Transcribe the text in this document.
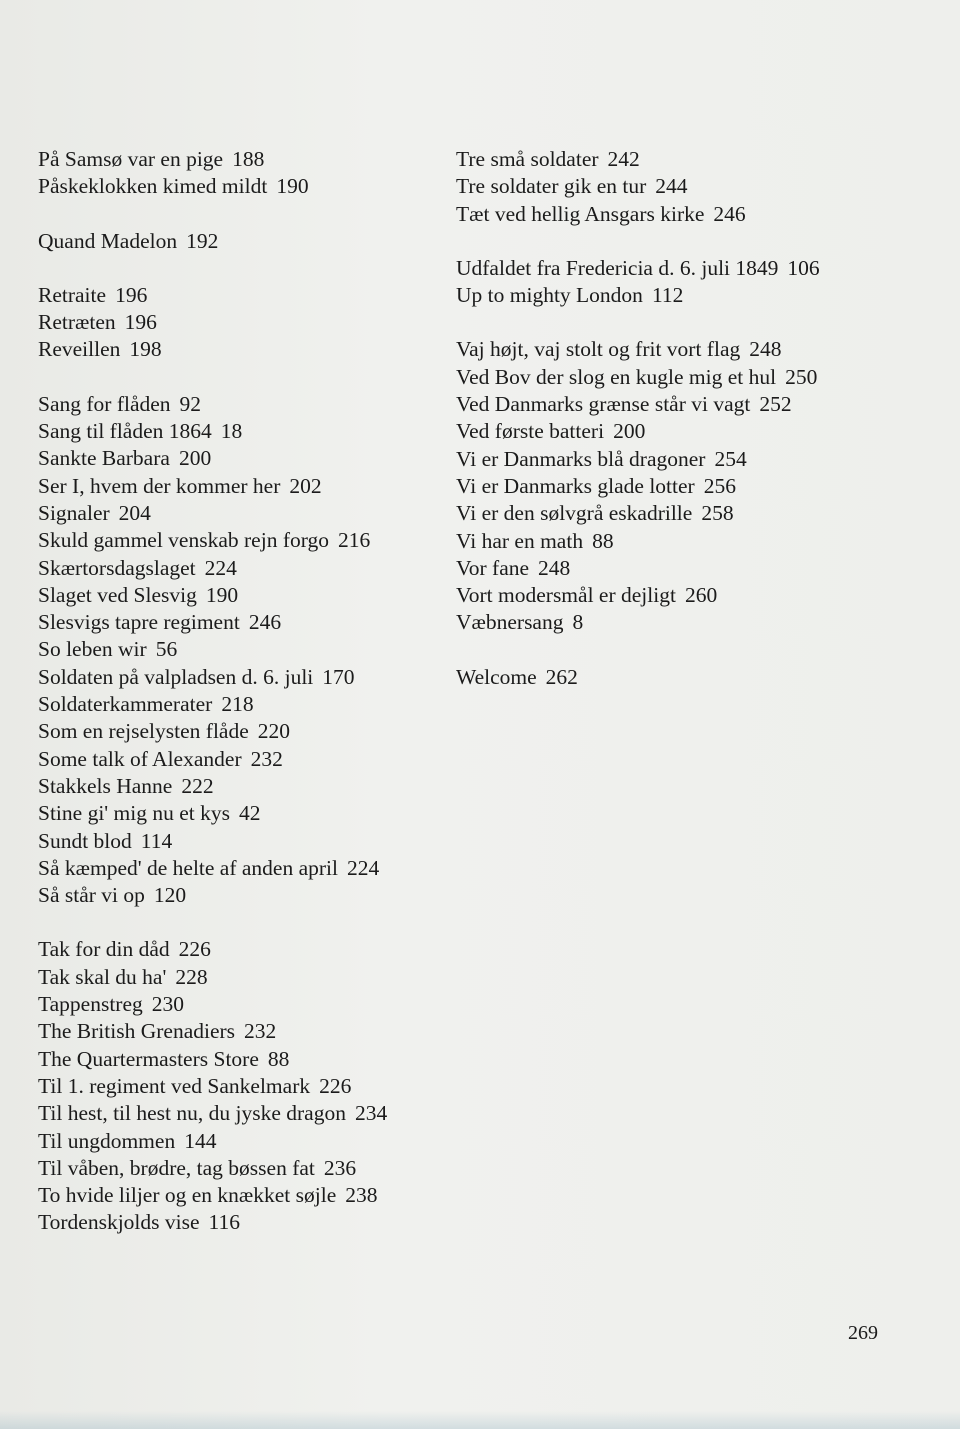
På Samsø var en pige 188
Påskeklokken kimed mildt 190
Quand Madelon 192
Retraite 196
Retræten 196
Reveillen 198
Sang for flåden 92
Sang til flåden 1864 18
Sankte Barbara 200
Ser I, hvem der kommer her 202
Signaler 204
Skuld gammel venskab rejn forgo 216
Skærtorsdagslaget 224
Slaget ved Slesvig 190
Slesvigs tapre regiment 246
So leben wir 56
Soldaten på valpladsen d. 6. juli 170
Soldaterkammerater 218
Som en rejselysten flåde 220
Some talk of Alexander 232
Stakkels Hanne 222
Stine gi' mig nu et kys 42
Sundt blod 114
Så kæmped' de helte af anden april 224
Så står vi op 120
Tak for din dåd 226
Tak skal du ha' 228
Tappenstreg 230
The British Grenadiers 232
The Quartermasters Store 88
Til 1. regiment ved Sankelmark 226
Til hest, til hest nu, du jyske dragon 234
Til ungdommen 144
Til våben, brødre, tag bøssen fat 236
To hvide liljer og en knækket søjle 238
Tordenskjolds vise 116
Tre små soldater 242
Tre soldater gik en tur 244
Tæt ved hellig Ansgars kirke 246
Udfaldet fra Fredericia d. 6. juli 1849 106
Up to mighty London 112
Vaj højt, vaj stolt og frit vort flag 248
Ved Bov der slog en kugle mig et hul 250
Ved Danmarks grænse står vi vagt 252
Ved første batteri 200
Vi er Danmarks blå dragoner 254
Vi er Danmarks glade lotter 256
Vi er den sølvgrå eskadrille 258
Vi har en math 88
Vor fane 248
Vort modersmål er dejligt 260
Væbnersang 8
Welcome 262
269
